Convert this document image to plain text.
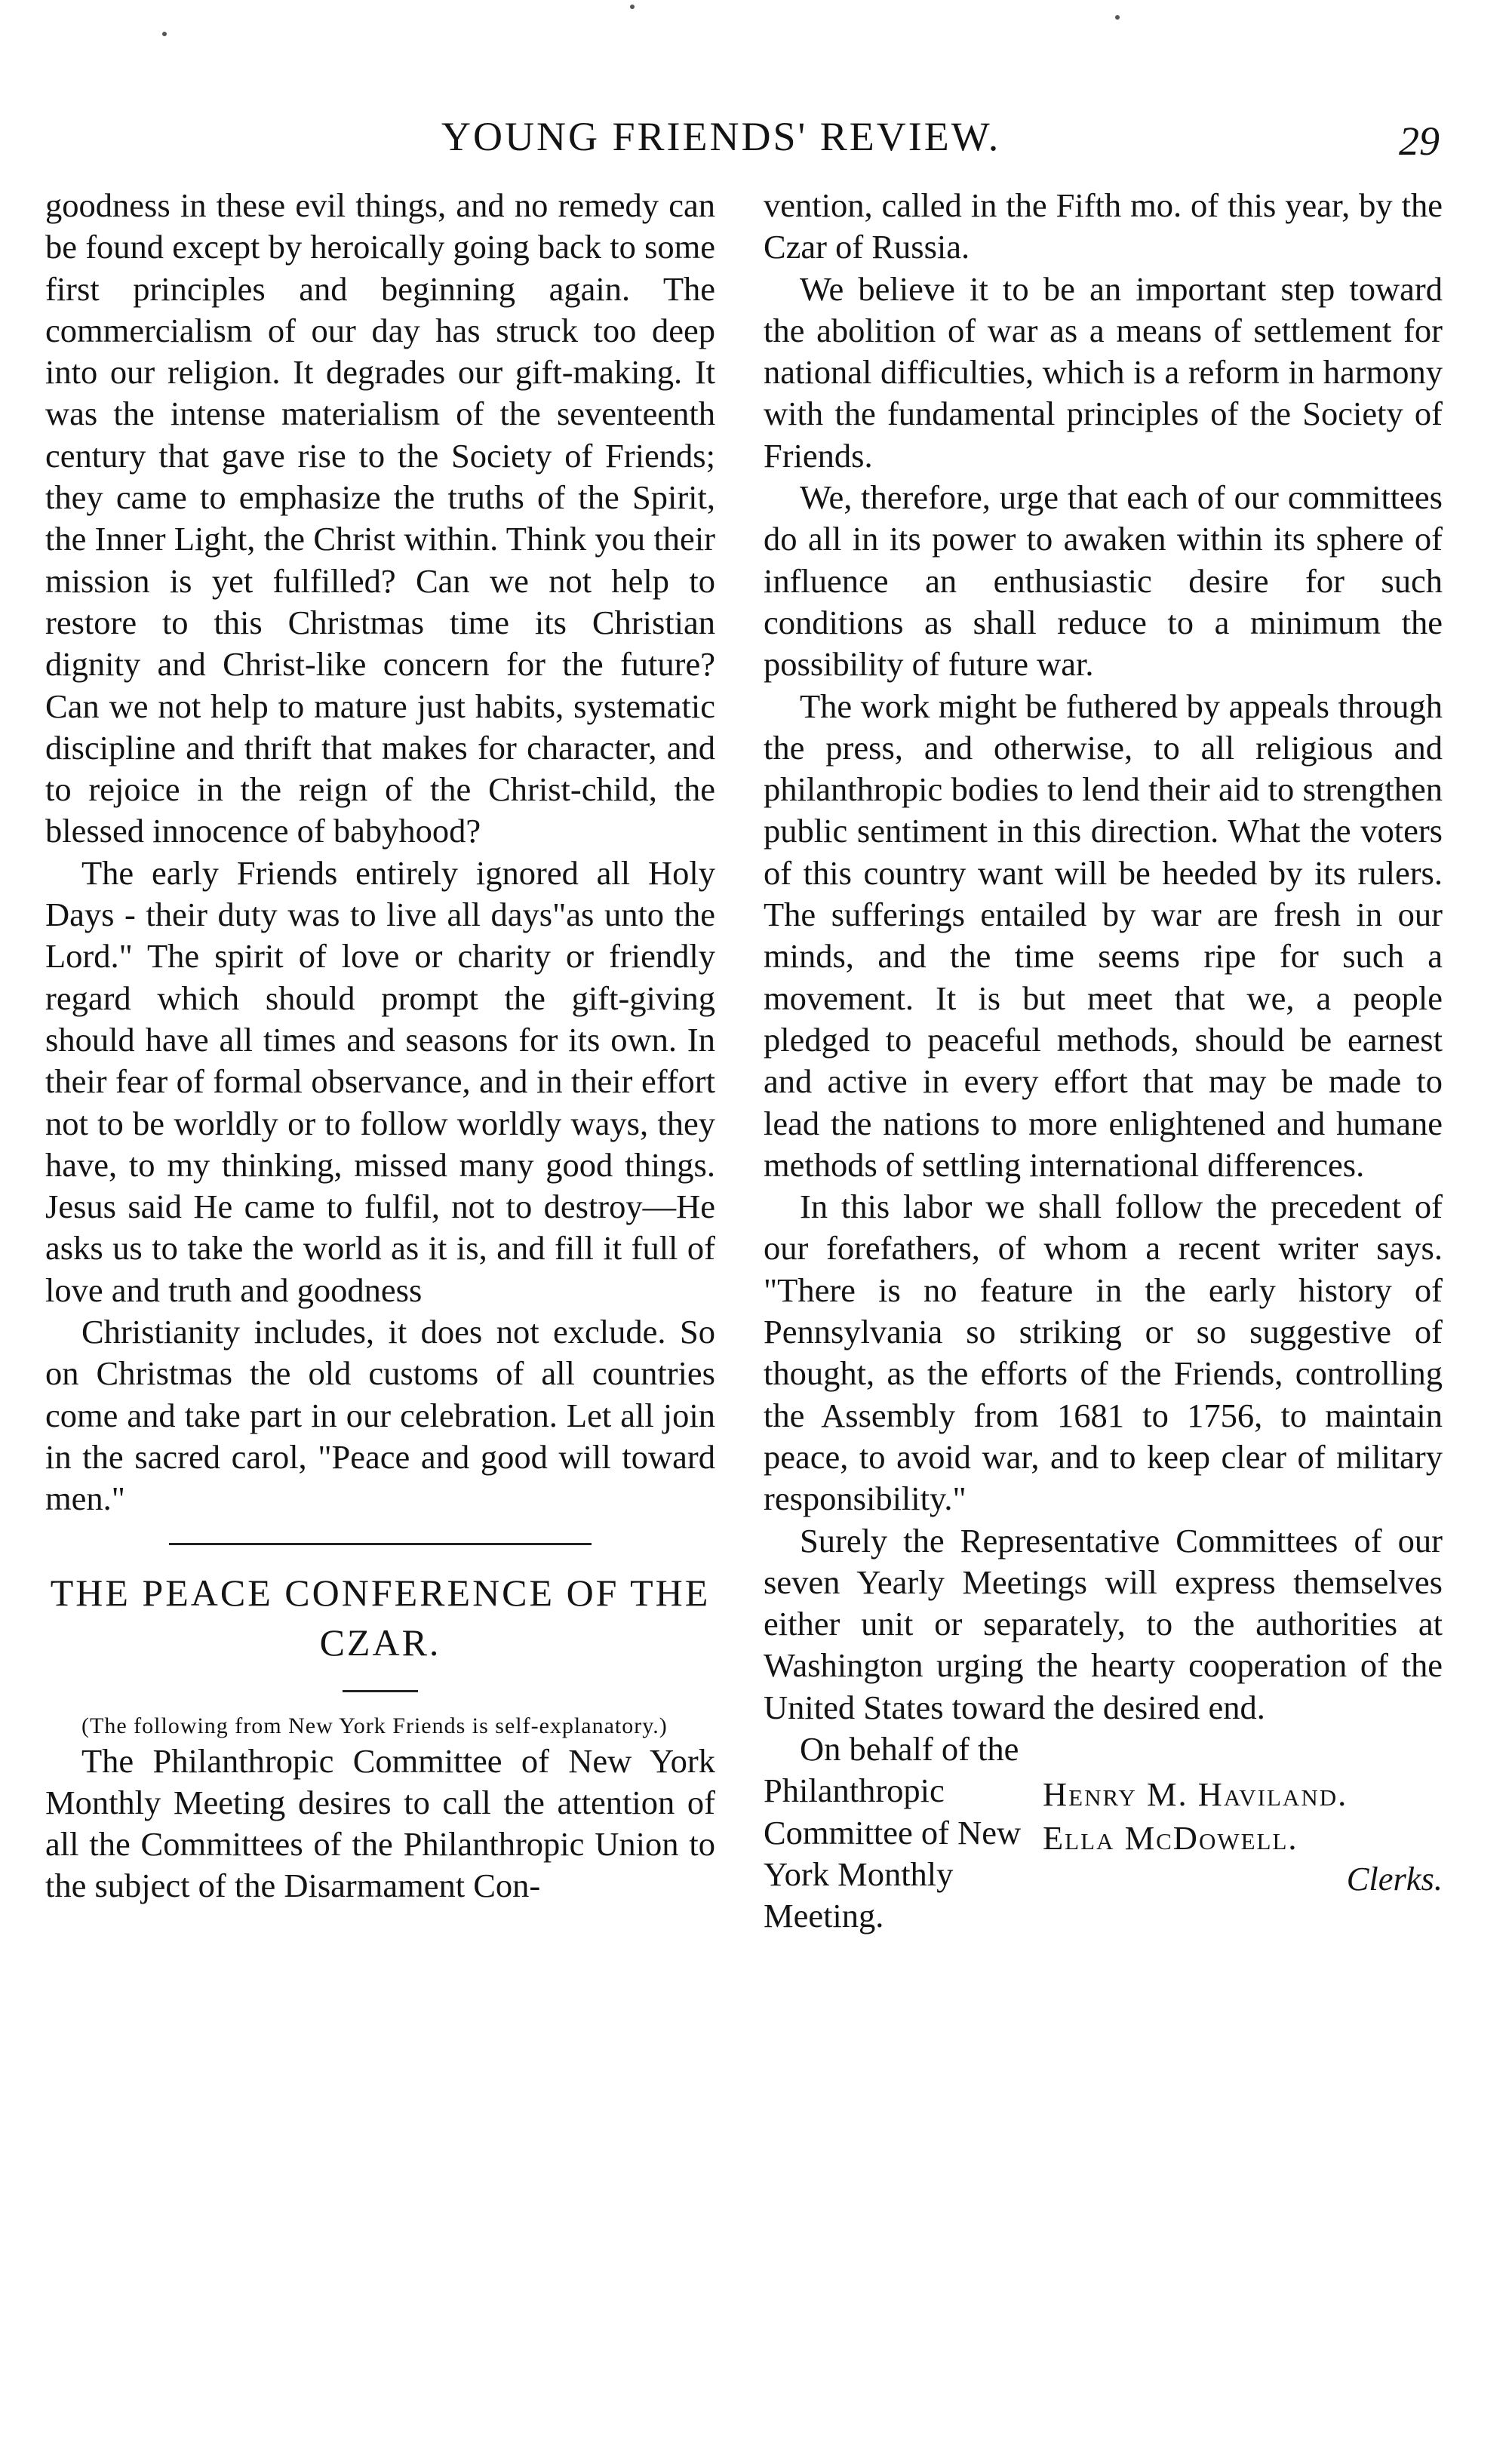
YOUNG FRIENDS' REVIEW.	29

goodness in these evil things, and no remedy can be found except by heroically going back to some first principles and beginning again. The commercialism of our day has struck too deep into our religion. It degrades our gift-making. It was the intense materialism of the seventeenth century that gave rise to the Society of Friends; they came to emphasize the truths of the Spirit, the Inner Light, the Christ within. Think you their mission is yet fulfilled? Can we not help to restore to this Christmas time its Christian dignity and Christ-like concern for the future? Can we not help to mature just habits, systematic discipline and thrift that makes for character, and to rejoice in the reign of the Christ-child, the blessed innocence of babyhood?

The early Friends entirely ignored all Holy Days - their duty was to live all days"as unto the Lord." The spirit of love or charity or friendly regard which should prompt the gift-giving should have all times and seasons for its own. In their fear of formal observance, and in their effort not to be worldly or to follow worldly ways, they have, to my thinking, missed many good things. Jesus said He came to fulfil, not to destroy—He asks us to take the world as it is, and fill it full of love and truth and goodness

Christianity includes, it does not exclude. So on Christmas the old customs of all countries come and take part in our celebration. Let all join in the sacred carol, "Peace and good will toward men."

THE PEACE CONFERENCE OF THE CZAR.

(The following from New York Friends is self-explanatory.)

The Philanthropic Committee of New York Monthly Meeting desires to call the attention of all the Committees of the Philanthropic Union to the subject of the Disarmament Con-

vention, called in the Fifth mo. of this year, by the Czar of Russia.

We believe it to be an important step toward the abolition of war as a means of settlement for national difficulties, which is a reform in harmony with the fundamental principles of the Society of Friends.

We, therefore, urge that each of our committees do all in its power to awaken within its sphere of influence an enthusiastic desire for such conditions as shall reduce to a minimum the possibility of future war.

The work might be futhered by appeals through the press, and otherwise, to all religious and philanthropic bodies to lend their aid to strengthen public sentiment in this direction. What the voters of this country want will be heeded by its rulers. The sufferings entailed by war are fresh in our minds, and the time seems ripe for such a movement. It is but meet that we, a people pledged to peaceful methods, should be earnest and active in every effort that may be made to lead the nations to more enlightened and humane methods of settling international differences.

In this labor we shall follow the precedent of our forefathers, of whom a recent writer says. "There is no feature in the early history of Pennsylvania so striking or so suggestive of thought, as the efforts of the Friends, controlling the Assembly from 1681 to 1756, to maintain peace, to avoid war, and to keep clear of military responsibility."

Surely the Representative Committees of our seven Yearly Meetings will express themselves either unit or separately, to the authorities at Washington urging the hearty cooperation of the United States toward the desired end.

On behalf of the Philanthropic Committee of New York Monthly Meeting.

Henry M. Haviland.
Ella McDowell.
Clerks.
